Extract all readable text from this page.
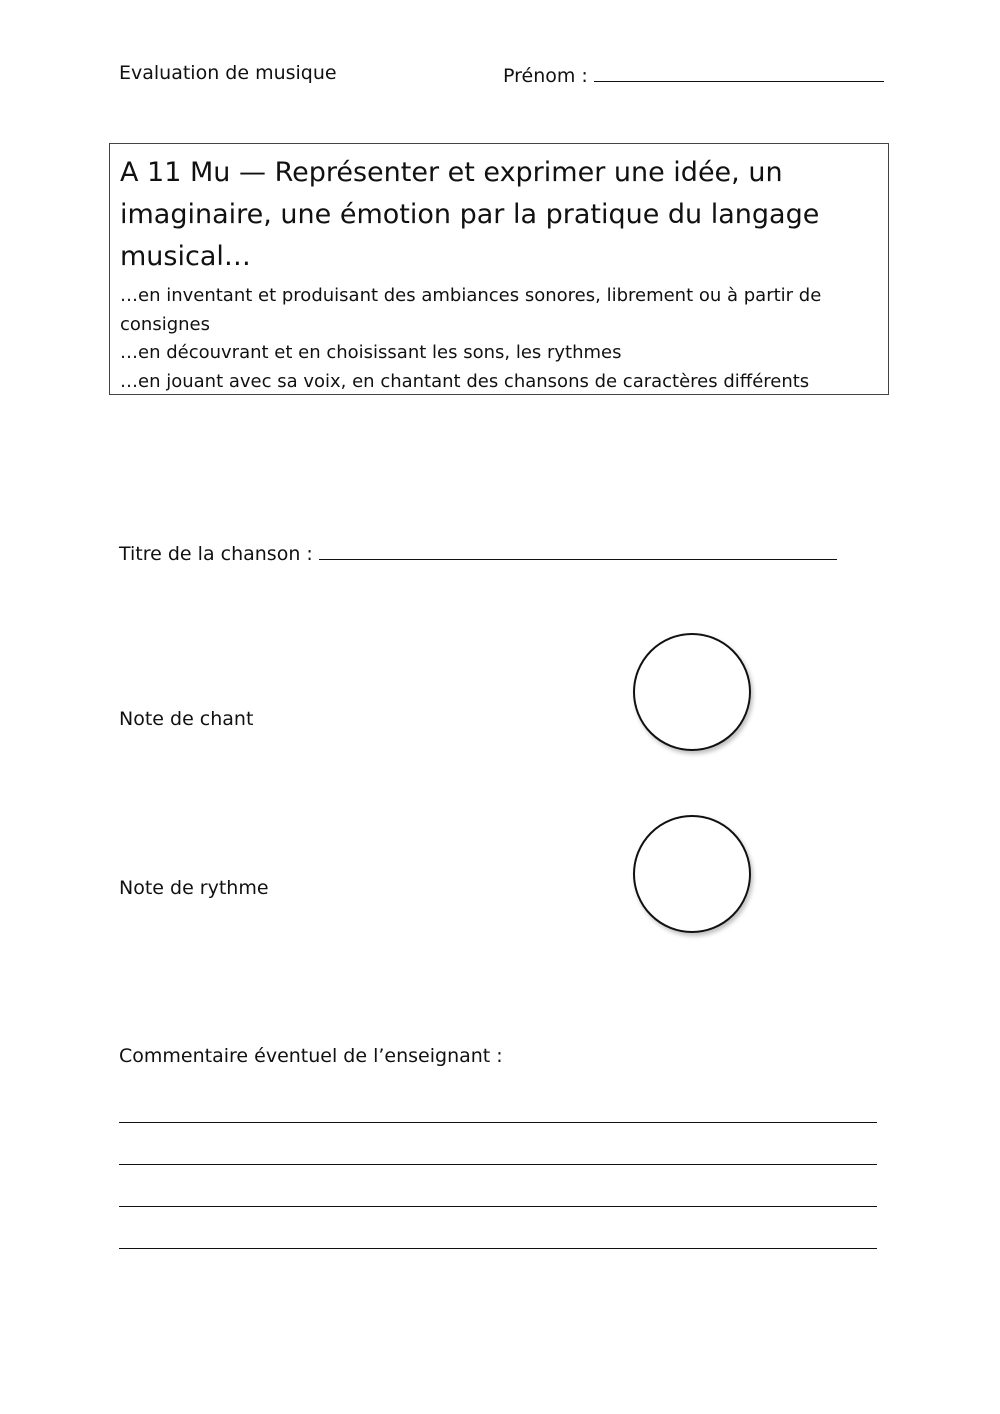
Evaluation de musique	Prénom :
A 11 Mu — Représenter et exprimer une idée, un imaginaire, une émotion par la pratique du langage musical…
…en inventant et produisant des ambiances sonores, librement ou à partir de consignes
…en découvrant et en choisissant les sons, les rythmes
…en jouant avec sa voix, en chantant des chansons de caractères différents
Titre de la chanson :
Note de chant
Note de rythme
Commentaire éventuel de l’enseignant :
